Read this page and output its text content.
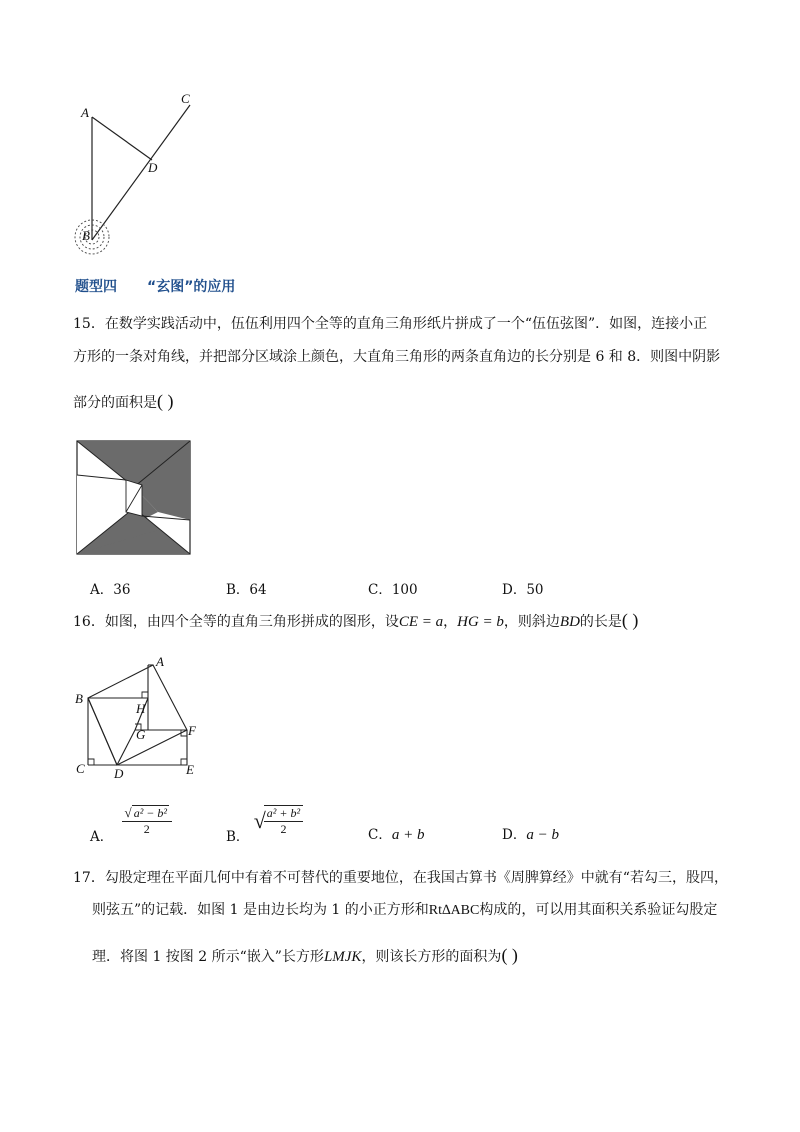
A
C
D
B
题型四 “玄图”的应用
15．在数学实践活动中，伍伍利用四个全等的直角三角形纸片拼成了一个“伍伍弦图”．如图，连接小正
方形的一条对角线，并把部分区域涂上颜色，大直角三角形的两条直角边的长分别是 6 和 8．则图中阴影
部分的面积是( )
A．36	B．64	C．100	D．50
16．如图，由四个全等的直角三角形拼成的图形，设CE = a，HG = b，则斜边BD的长是( )
A
B
H
G	F
C D	E
A． $\frac{\text{√ a² − b²}}{2}$	B． √
$\frac{\text{a² + b²}}{2}$	C．a + b	D．a − b
17．勾股定理在平面几何中有着不可替代的重要地位，在我国古算书《周脾算经》中就有“若勾三，股四，
则弦五”的记载．如图 1 是由边长均为 1 的小正方形和Rt∆ABC构成的，可以用其面积关系验证勾股定
理．将图 1 按图 2 所示“嵌入”长方形LMJK，则该长方形的面积为( )
